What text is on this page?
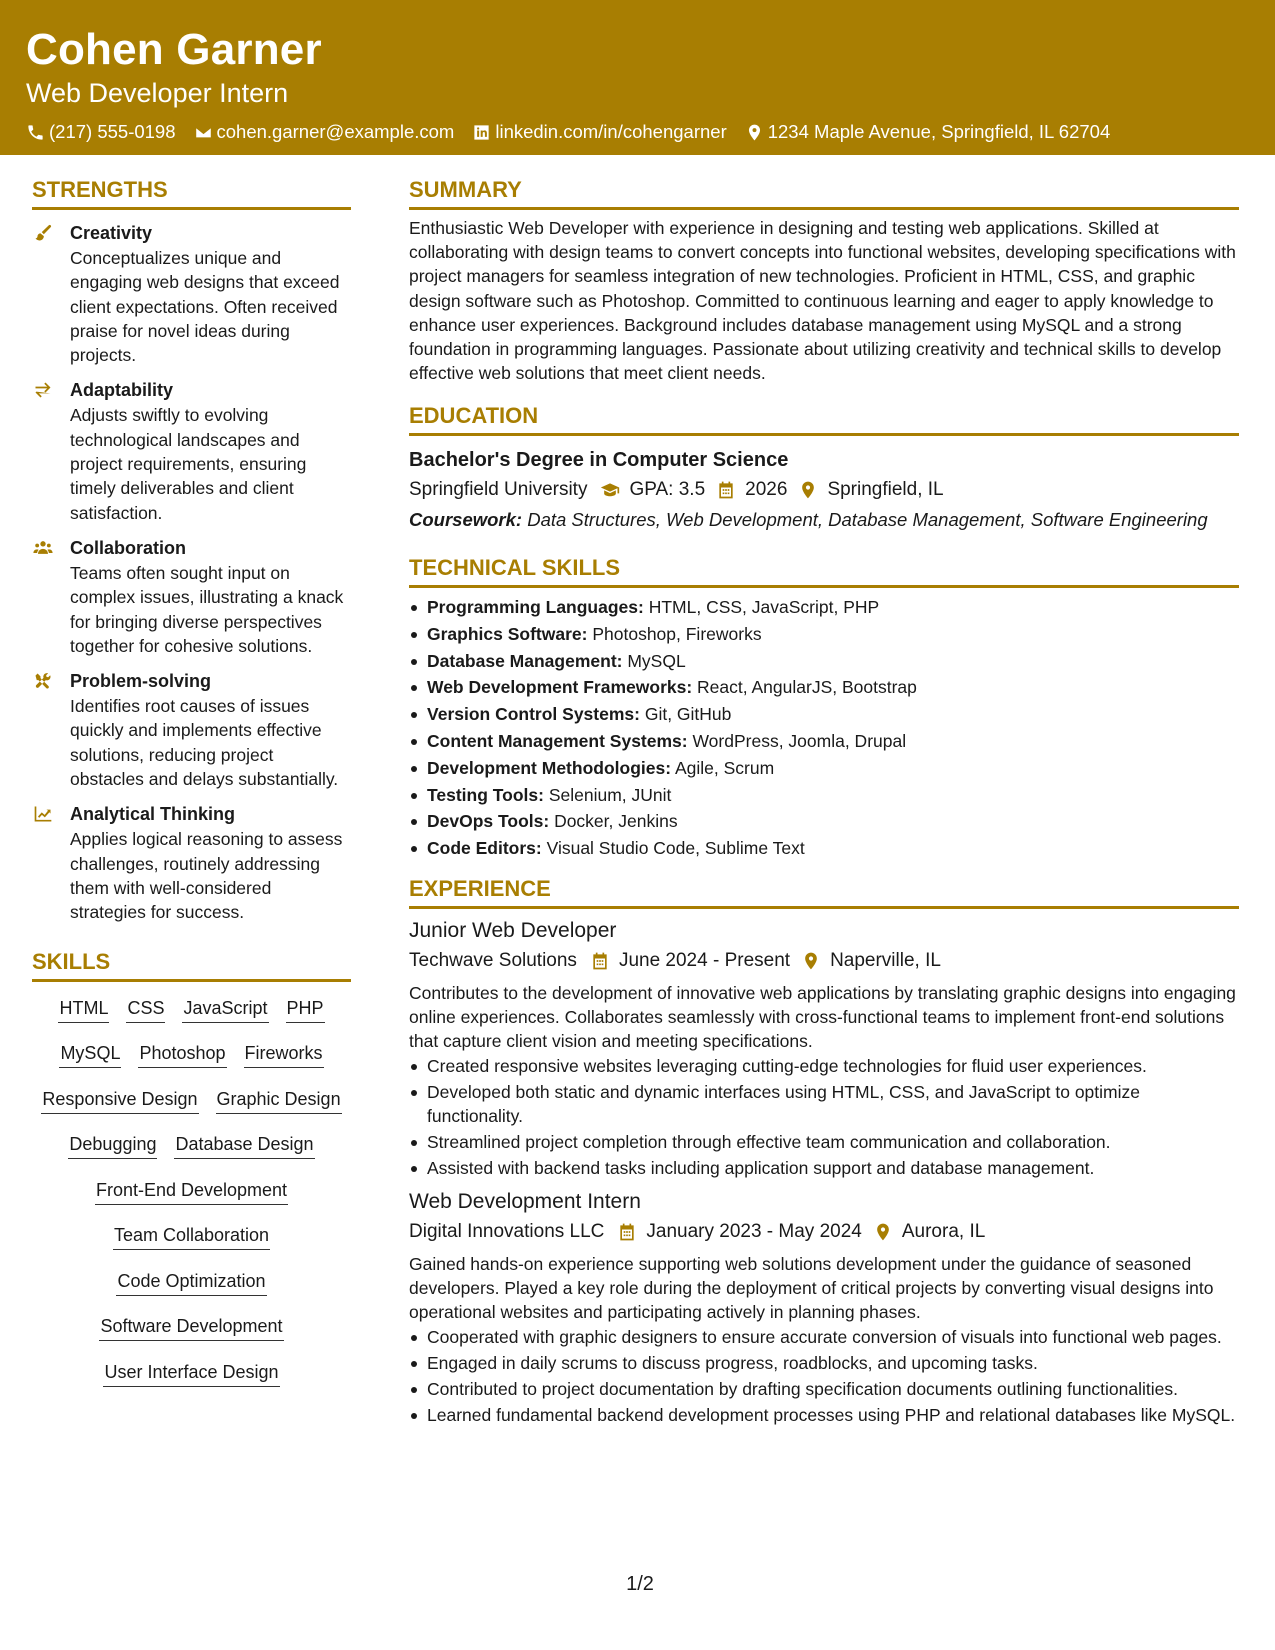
Cohen Garner
Web Developer Intern
(217) 555-0198 cohen.garner@example.com linkedin.com/in/cohengarner 1234 Maple Avenue, Springfield, IL 62704
STRENGTHS
Creativity
Conceptualizes unique and engaging web designs that exceed client expectations. Often received praise for novel ideas during projects.
Adaptability
Adjusts swiftly to evolving technological landscapes and project requirements, ensuring timely deliverables and client satisfaction.
Collaboration
Teams often sought input on complex issues, illustrating a knack for bringing diverse perspectives together for cohesive solutions.
Problem-solving
Identifies root causes of issues quickly and implements effective solutions, reducing project obstacles and delays substantially.
Analytical Thinking
Applies logical reasoning to assess challenges, routinely addressing them with well-considered strategies for success.
SKILLS
HTML CSS JavaScript PHP
MySQL Photoshop Fireworks
Responsive Design Graphic Design
Debugging Database Design
Front-End Development
Team Collaboration
Code Optimization
Software Development
User Interface Design
SUMMARY
Enthusiastic Web Developer with experience in designing and testing web applications. Skilled at collaborating with design teams to convert concepts into functional websites, developing specifications with project managers for seamless integration of new technologies. Proficient in HTML, CSS, and graphic design software such as Photoshop. Committed to continuous learning and eager to apply knowledge to enhance user experiences. Background includes database management using MySQL and a strong foundation in programming languages. Passionate about utilizing creativity and technical skills to develop effective web solutions that meet client needs.
EDUCATION
Bachelor's Degree in Computer Science
Springfield University GPA: 3.5 2026 Springfield, IL
Coursework: Data Structures, Web Development, Database Management, Software Engineering
TECHNICAL SKILLS
Programming Languages: HTML, CSS, JavaScript, PHP
Graphics Software: Photoshop, Fireworks
Database Management: MySQL
Web Development Frameworks: React, AngularJS, Bootstrap
Version Control Systems: Git, GitHub
Content Management Systems: WordPress, Joomla, Drupal
Development Methodologies: Agile, Scrum
Testing Tools: Selenium, JUnit
DevOps Tools: Docker, Jenkins
Code Editors: Visual Studio Code, Sublime Text
EXPERIENCE
Junior Web Developer
Techwave Solutions June 2024 - Present Naperville, IL
Contributes to the development of innovative web applications by translating graphic designs into engaging online experiences. Collaborates seamlessly with cross-functional teams to implement front-end solutions that capture client vision and meeting specifications.
Created responsive websites leveraging cutting-edge technologies for fluid user experiences.
Developed both static and dynamic interfaces using HTML, CSS, and JavaScript to optimize functionality.
Streamlined project completion through effective team communication and collaboration.
Assisted with backend tasks including application support and database management.
Web Development Intern
Digital Innovations LLC January 2023 - May 2024 Aurora, IL
Gained hands-on experience supporting web solutions development under the guidance of seasoned developers. Played a key role during the deployment of critical projects by converting visual designs into operational websites and participating actively in planning phases.
Cooperated with graphic designers to ensure accurate conversion of visuals into functional web pages.
Engaged in daily scrums to discuss progress, roadblocks, and upcoming tasks.
Contributed to project documentation by drafting specification documents outlining functionalities.
Learned fundamental backend development processes using PHP and relational databases like MySQL.
1/2
